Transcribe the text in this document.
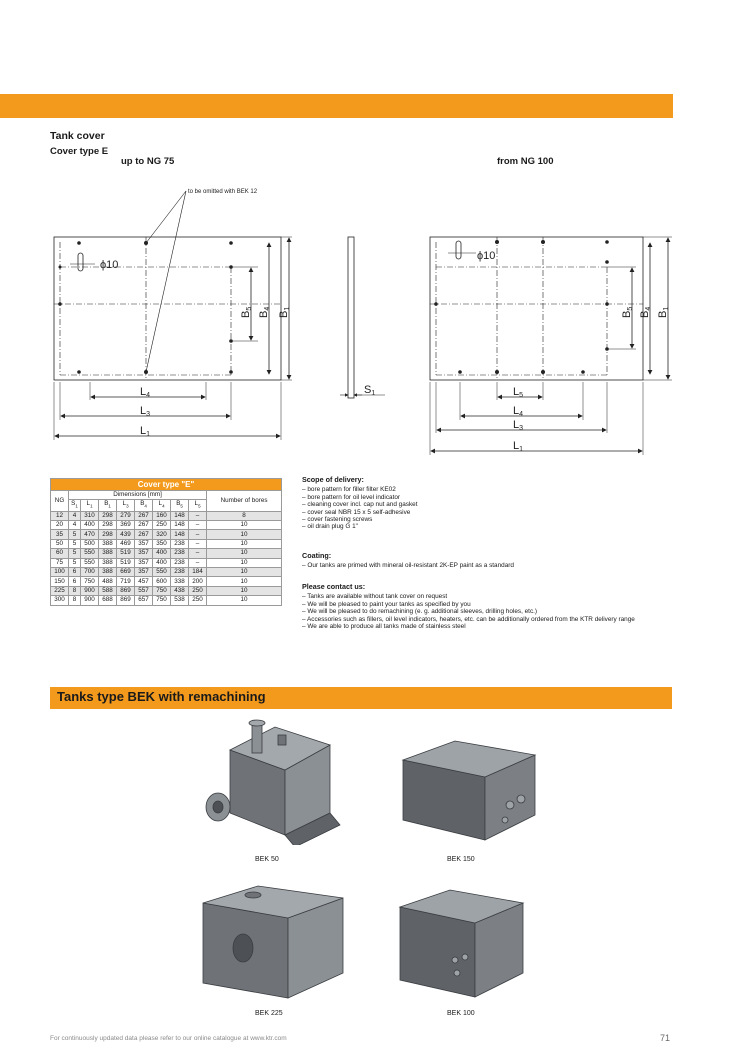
Tank cover
Cover type E
up to NG 75	from NG 100
to be omitted with BEK 12
ϕ10
ϕ10
L4
L3
L1
S1	L5
L4
L3
L1
B5
B4
B1
B5
B4
B1
Cover type "E"									
NG	Dimensions [mm]								Number of bores
	$S_1$	$L_1$	$B_1$	$L_3$	$B_4$	$L_4$	$B_5$	$L_5$
12	4	310	298	279	267	160	148	–	8
20	4	400	298	369	267	250	148	–	10
35	5	470	298	439	267	320	148	–	10
50	5	500	388	469	357	350	238	–	10
60	5	550	388	519	357	400	238	–	10
75	5	550	388	519	357	400	238	–	10
100	6	700	388	669	357	550	238	184	10
150	6	750	488	719	457	600	338	200	10
225	8	900	588	869	557	750	438	250	10
300	8	900	688	869	657	750	538	250	10
Scope of delivery:
– bore pattern for filler filter KE02
– bore pattern for oil level indicator
– cleaning cover incl. cap nut and gasket
– cover seal NBR 15 x 5 self-adhesive
– cover fastening screws
– oil drain plug G 1"
Coating:
– Our tanks are primed with mineral oil-resistant 2K-EP paint as a standard
Please contact us:
– Tanks are available without tank cover on request
– We will be pleased to paint your tanks as specified by you
– We will be pleased to do remachining (e. g. additional sleeves, drilling holes, etc.)
– Accessories such as fillers, oil level indicators, heaters, etc. can be additionally ordered from the KTR delivery range
– We are able to produce all tanks made of stainless steel
Tanks type BEK with remachining
BEK 50	BEK 150
BEK 225	BEK 100
For continuously updated data please refer to our online catalogue at www.ktr.com	71
